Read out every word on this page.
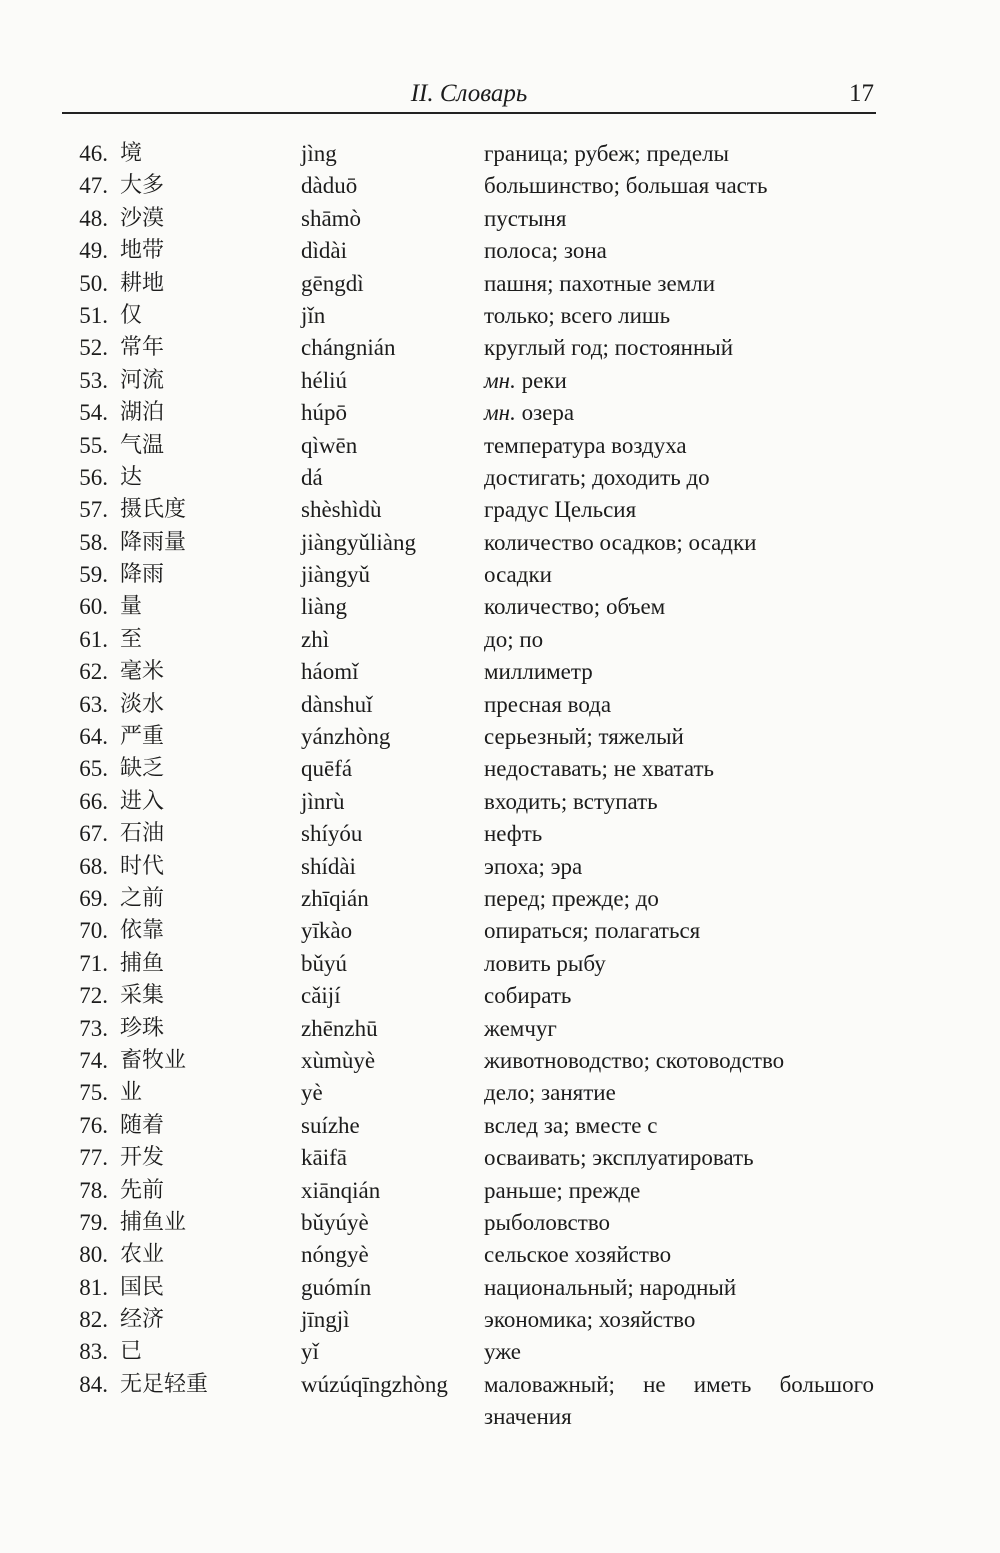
II. Словарь	17
46. 境	jìng	граница; рубеж; пределы
47. 大多	dàduō	большинство; большая часть
48. 沙漠	shāmò	пустыня
49. 地带	dìdài	полоса; зона
50. 耕地	gēngdì	пашня; пахотные земли
51. 仅	jǐn	только; всего лишь
52. 常年	chángnián	круглый год; постоянный
53. 河流	héliú	мн. реки
54. 湖泊	húpō	мн. озера
55. 气温	qìwēn	температура воздуха
56. 达	dá	достигать; доходить до
57. 摄氏度	shèshìdù	градус Цельсия
58. 降雨量	jiàngyǔliàng	количество осадков; осадки
59. 降雨	jiàngyǔ	осадки
60. 量	liàng	количество; объем
61. 至	zhì	до; по
62. 毫米	háomǐ	миллиметр
63. 淡水	dànshuǐ	пресная вода
64. 严重	yánzhòng	серьезный; тяжелый
65. 缺乏	quēfá	недоставать; не хватать
66. 进入	jìnrù	входить; вступать
67. 石油	shíyóu	нефть
68. 时代	shídài	эпоха; эра
69. 之前	zhīqián	перед; прежде; до
70. 依靠	yīkào	опираться; полагаться
71. 捕鱼	bǔyú	ловить рыбу
72. 采集	cǎijí	собирать
73. 珍珠	zhēnzhū	жемчуг
74. 畜牧业	xùmùyè	животноводство; скотоводство
75. 业	yè	дело; занятие
76. 随着	suízhe	вслед за; вместе с
77. 开发	kāifā	осваивать; эксплуатировать
78. 先前	xiānqián	раньше; прежде
79. 捕鱼业	bǔyúyè	рыболовство
80. 农业	nóngyè	сельское хозяйство
81. 国民	guómín	национальный; народный
82. 经济	jīngjì	экономика; хозяйство
83. 已	yǐ	уже
84. 无足轻重	wúzúqīngzhòng маловажный; не иметь большого значения
